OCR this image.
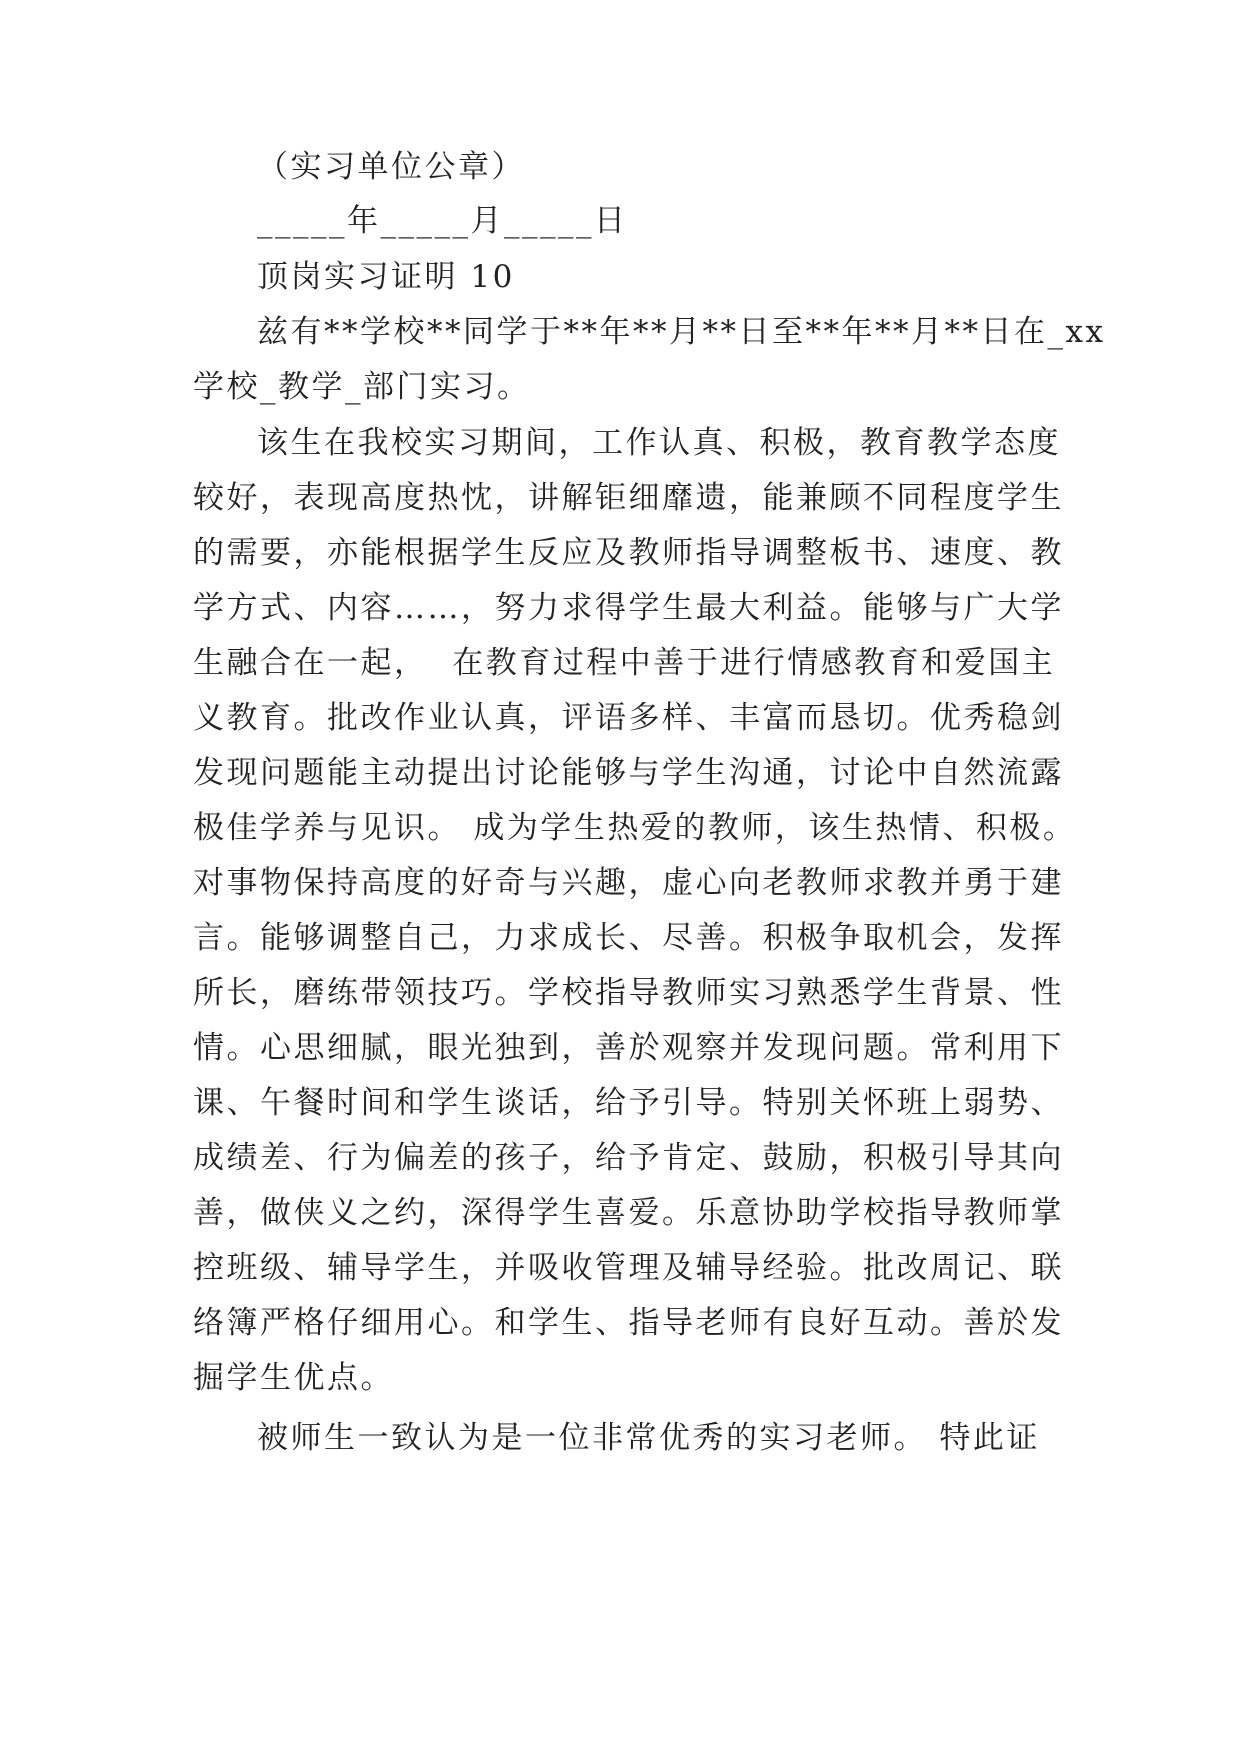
（实习单位公章）

_____年_____月_____日

顶岗实习证明 10

兹有**学校**同学于**年**月**日至**年**月**日在_xx

学校_教学_部门实习。

该生在我校实习期间，工作认真、积极，教育教学态度

较好，表现高度热忱，讲解钜细靡遗，能兼顾不同程度学生

的需要，亦能根据学生反应及教师指导调整板书、速度、教

学方式、内容……，努力求得学生最大利益。能够与广大学

生融合在一起，  在教育过程中善于进行情感教育和爱国主

义教育。批改作业认真，评语多样、丰富而恳切。优秀稳剑

发现问题能主动提出讨论能够与学生沟通，讨论中自然流露

极佳学养与见识。 成为学生热爱的教师，该生热情、积极。

对事物保持高度的好奇与兴趣，虚心向老教师求教并勇于建

言。能够调整自己，力求成长、尽善。积极争取机会，发挥

所长，磨练带领技巧。学校指导教师实习熟悉学生背景、性

情。心思细腻，眼光独到，善於观察并发现问题。常利用下

课、午餐时间和学生谈话，给予引导。特别关怀班上弱势、

成绩差、行为偏差的孩子，给予肯定、鼓励，积极引导其向

善，做侠义之约，深得学生喜爱。乐意协助学校指导教师掌

控班级、辅导学生，并吸收管理及辅导经验。批改周记、联

络簿严格仔细用心。和学生、指导老师有良好互动。善於发

掘学生优点。

被师生一致认为是一位非常优秀的实习老师。 特此证
